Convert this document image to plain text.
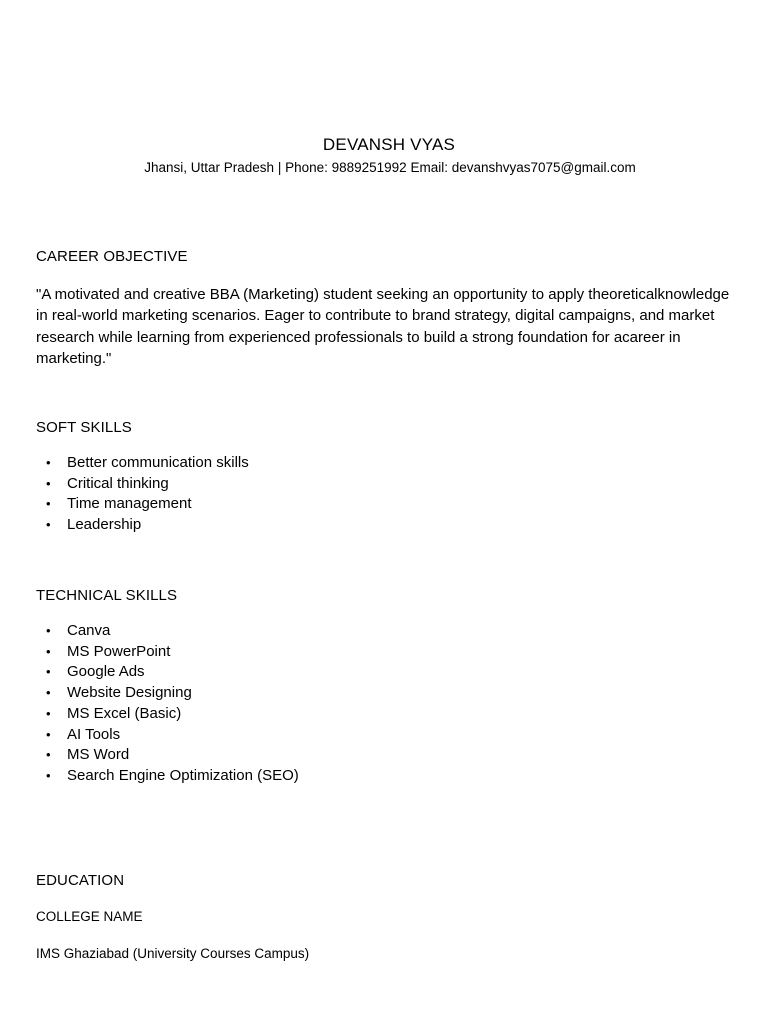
DEVANSH VYAS
Jhansi, Uttar Pradesh | Phone: 9889251992 Email: devanshvyas7075@gmail.com
CAREER OBJECTIVE
"A motivated and creative BBA (Marketing) student seeking an opportunity to apply theoreticalknowledge in real-world marketing scenarios. Eager to contribute to brand strategy, digital campaigns, and market research while learning from experienced professionals to build a strong foundation for acareer in marketing."
SOFT SKILLS
• Better communication skills
• Critical thinking
• Time management
• Leadership
TECHNICAL SKILLS
• Canva
• MS PowerPoint
• Google Ads
• Website Designing
• MS Excel (Basic)
• AI Tools
• MS Word
• Search Engine Optimization (SEO)
EDUCATION
COLLEGE NAME
IMS Ghaziabad (University Courses Campus)
